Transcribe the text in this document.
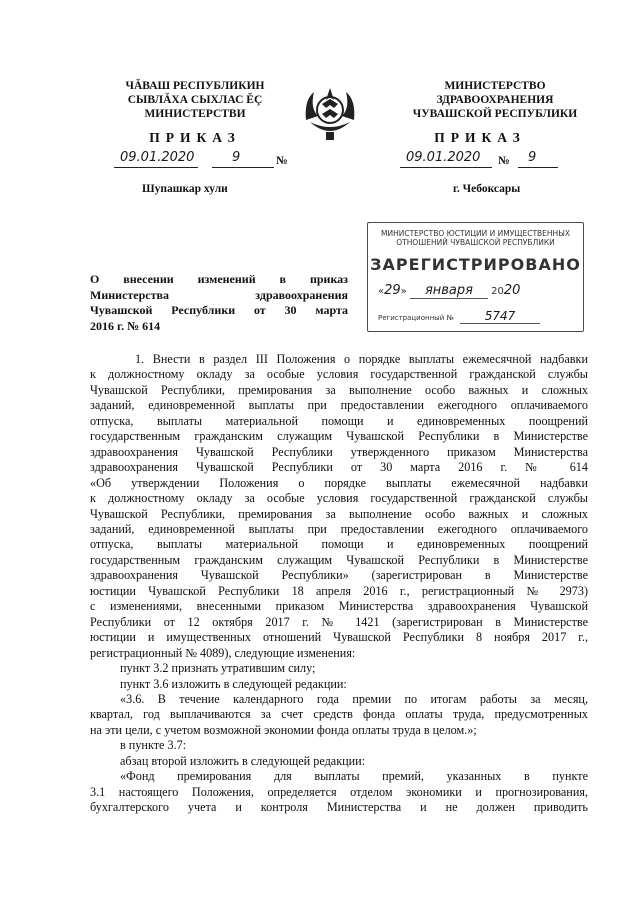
ЧĂВАШ РЕСПУБЛИКИН
СЫВЛĂХА СЫХЛАС ĔÇ
МИНИСТЕРСТВИ
МИНИСТЕРСТВО
ЗДРАВООХРАНЕНИЯ
ЧУВАШСКОЙ РЕСПУБЛИКИ
ПРИКАЗ	ПРИКАЗ
09.01.2020	9	№	09.01.2020 № 9
Шупашкар хули	г. Чебоксары
МИНИСТЕРСТВО ЮСТИЦИИ И ИМУЩЕСТВЕННЫХ
ОТНОШЕНИЙ ЧУВАШСКОЙ РЕСПУБЛИКИ
ЗАРЕГИСТРИРОВАНО
«29» января 2020
Регистрационный №	5747
О внесении изменений в приказ
Министерства здравоохранения
Чувашской Республики от 30 марта
2016 г. № 614
1. Внести в раздел III Положения о порядке выплаты ежемесячной надбавки
к должностному окладу за особые условия государственной гражданской службы
Чувашской Республики, премирования за выполнение особо важных и сложных
заданий, единовременной выплаты при предоставлении ежегодного оплачиваемого
отпуска, выплаты материальной помощи и единовременных поощрений
государственным гражданским служащим Чувашской Республики в Министерстве
здравоохранения Чувашской Республики утвержденного приказом Министерства
здравоохранения Чувашской Республики от 30 марта 2016 г. № 614
«Об утверждении Положения о порядке выплаты ежемесячной надбавки
к должностному окладу за особые условия государственной гражданской службы
Чувашской Республики, премирования за выполнение особо важных и сложных
заданий, единовременной выплаты при предоставлении ежегодного оплачиваемого
отпуска, выплаты материальной помощи и единовременных поощрений
государственным гражданским служащим Чувашской Республики в Министерстве
здравоохранения Чувашской Республики» (зарегистрирован в Министерстве
юстиции Чувашской Республики 18 апреля 2016 г., регистрационный № 2973)
с изменениями, внесенными приказом Министерства здравоохранения Чувашской
Республики от 12 октября 2017 г. № 1421 (зарегистрирован в Министерстве
юстиции и имущественных отношений Чувашской Республики 8 ноября 2017 г.,
регистрационный № 4089), следующие изменения:
пункт 3.2 признать утратившим силу;
пункт 3.6 изложить в следующей редакции:
«3.6. В течение календарного года премии по итогам работы за месяц,
квартал, год выплачиваются за счет средств фонда оплаты труда, предусмотренных
на эти цели, с учетом возможной экономии фонда оплаты труда в целом.»;
в пункте 3.7:
абзац второй изложить в следующей редакции:
«Фонд премирования для выплаты премий, указанных в пункте
3.1 настоящего Положения, определяется отделом экономики и прогнозирования,
бухгалтерского учета и контроля Министерства и не должен приводить
